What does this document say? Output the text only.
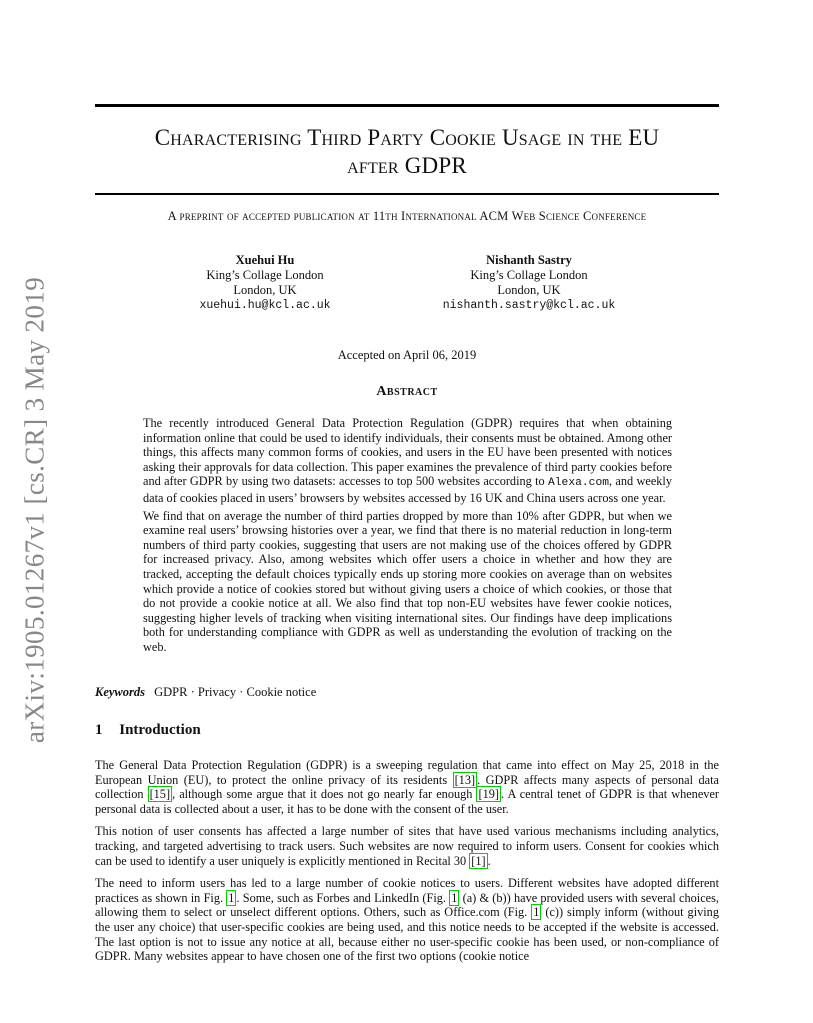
arXiv:1905.01267v1 [cs.CR] 3 May 2019
Characterising Third Party Cookie Usage in the EU
after GDPR
A preprint of accepted publication at 11th International ACM Web Science Conference
Xuehui Hu
King’s Collage London
London, UK
xuehui.hu@kcl.ac.uk
Nishanth Sastry
King’s Collage London
London, UK
nishanth.sastry@kcl.ac.uk
Accepted on April 06, 2019
Abstract

The recently introduced General Data Protection Regulation (GDPR) requires that when obtaining information online that could be used to identify individuals, their consents must be obtained. Among other things, this affects many common forms of cookies, and users in the EU have been presented with notices asking their approvals for data collection. This paper examines the prevalence of third party cookies before and after GDPR by using two datasets: accesses to top 500 websites according to Alexa.com, and weekly data of cookies placed in users’ browsers by websites accessed by 16 UK and China users across one year.

We find that on average the number of third parties dropped by more than 10% after GDPR, but when we examine real users’ browsing histories over a year, we find that there is no material reduction in long-term numbers of third party cookies, suggesting that users are not making use of the choices offered by GDPR for increased privacy. Also, among websites which offer users a choice in whether and how they are tracked, accepting the default choices typically ends up storing more cookies on average than on websites which provide a notice of cookies stored but without giving users a choice of which cookies, or those that do not provide a cookie notice at all. We also find that top non-EU websites have fewer cookie notices, suggesting higher levels of tracking when visiting international sites. Our findings have deep implications both for understanding compliance with GDPR as well as understanding the evolution of tracking on the web.

Keywords GDPR · Privacy · Cookie notice
1 Introduction

The General Data Protection Regulation (GDPR) is a sweeping regulation that came into effect on May 25, 2018 in the European Union (EU), to protect the online privacy of its residents [13] . GDPR affects many aspects of personal data collection [15] , although some argue that it does not go nearly far enough [19] . A central tenet of GDPR is that whenever personal data is collected about a user, it has to be done with the consent of the user.

This notion of user consents has affected a large number of sites that have used various mechanisms including analytics, tracking, and targeted advertising to track users. Such websites are now required to inform users. Consent for cookies which can be used to identify a user uniquely is explicitly mentioned in Recital 30 [1] .

The need to inform users has led to a large number of cookie notices to users. Different websites have adopted different practices as shown in Fig. 1 . Some, such as Forbes and LinkedIn (Fig. 1 (a) & (b)) have provided users with several choices, allowing them to select or unselect different options. Others, such as Office.com (Fig. 1 (c)) simply inform (without giving the user any choice) that user-specific cookies are being used, and this notice needs to be accepted if the website is accessed. The last option is not to issue any notice at all, because either no user-specific cookie has been used, or non-compliance of GDPR. Many websites appear to have chosen one of the first two options (cookie notice
